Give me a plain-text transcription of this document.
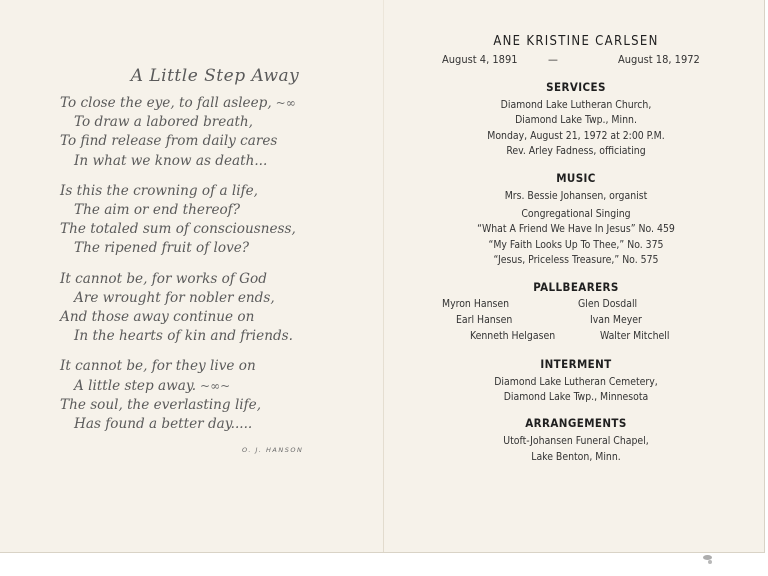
A Little Step Away
To close the eye, to fall asleep, ~∞
To draw a labored breath,
To find release from daily cares
In what we know as death...
Is this the crowning of a life,
The aim or end thereof?
The totaled sum of consciousness,
The ripened fruit of love?
It cannot be, for works of God
Are wrought for nobler ends,
And those away continue on
In the hearts of kin and friends.
It cannot be, for they live on
A little step away. ~∞~
The soul, the everlasting life,
Has found a better day.....
O. J. HANSON
ANE KRISTINE CARLSEN
August 4, 1891	—	August 18, 1972
SERVICES
Diamond Lake Lutheran Church,
Diamond Lake Twp., Minn.
Monday, August 21, 1972 at 2:00 P.M.
Rev. Arley Fadness, officiating
MUSIC
Mrs. Bessie Johansen, organist
Congregational Singing
“What A Friend We Have In Jesus” No. 459
“My Faith Looks Up To Thee,” No. 375
“Jesus, Priceless Treasure,” No. 575
PALLBEARERS
Myron Hansen	Glen Dosdall
Earl Hansen	Ivan Meyer
Kenneth Helgasen	Walter Mitchell
INTERMENT
Diamond Lake Lutheran Cemetery,
Diamond Lake Twp., Minnesota
ARRANGEMENTS
Utoft-Johansen Funeral Chapel,
Lake Benton, Minn.
